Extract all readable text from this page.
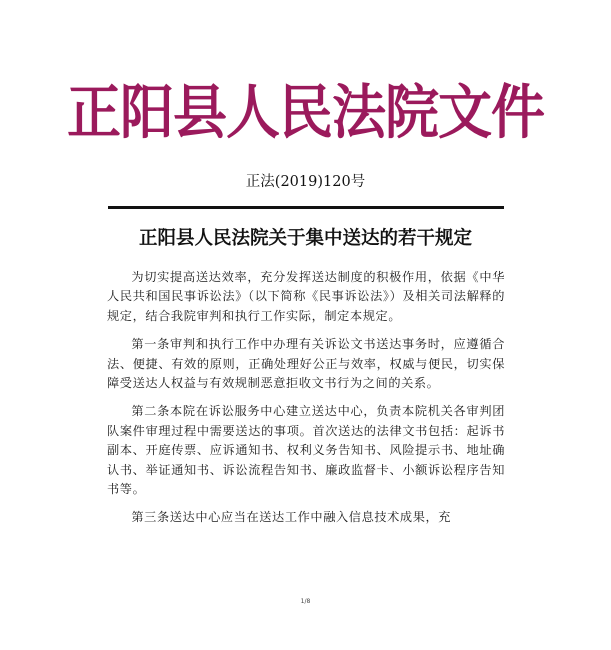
正阳县人民法院文件
正法(2019)120号
正阳县人民法院关于集中送达的若干规定

为切实提高送达效率，充分发挥送达制度的积极作用，依据《中华人民共和国民事诉讼法》（以下简称《民事诉讼法》）及相关司法解释的规定，结合我院审判和执行工作实际，制定本规定。

第一条审判和执行工作中办理有关诉讼文书送达事务时，应遵循合法、便捷、有效的原则，正确处理好公正与效率，权威与便民，切实保障受送达人权益与有效规制恶意拒收文书行为之间的关系。

第二条本院在诉讼服务中心建立送达中心，负责本院机关各审判团队案件审理过程中需要送达的事项。首次送达的法律文书包括：起诉书副本、开庭传票、应诉通知书、权利义务告知书、风险提示书、地址确认书、举证通知书、诉讼流程告知书、廉政监督卡、小额诉讼程序告知书等。

第三条送达中心应当在送达工作中融入信息技术成果，充

1/8
